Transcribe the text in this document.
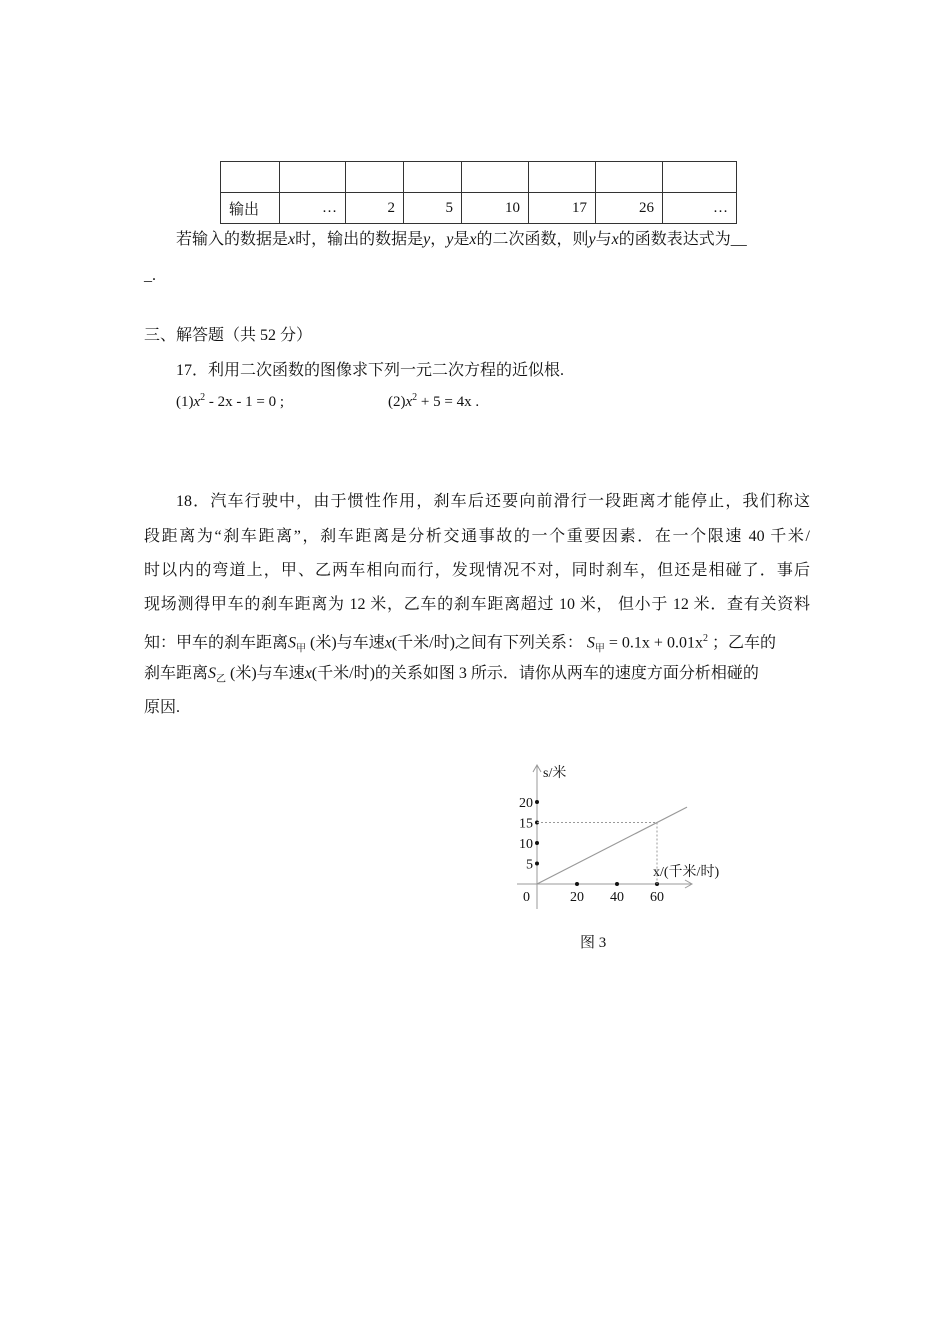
输出	…	2	5	10	17	26	…
若输入的数据是x时，输出的数据是y，y是x的二次函数，则y与x的函数表达式为__
_.
三、解答题（共 52 分）
17．利用二次函数的图像求下列一元二次方程的近似根.
$(1)x^2 - 2x - 1 = 0$ ;	$(2)x^2 + 5 = 4x$ .
18．汽车行驶中，由于惯性作用，刹车后还要向前滑行一段距离才能停止，我们称这
段距离为“刹车距离”，刹车距离是分析交通事故的一个重要因素．在一个限速 40 千米/
时以内的弯道上，甲、乙两车相向而行，发现情况不对，同时刹车，但还是相碰了．事后
现场测得甲车的刹车距离为 12 米，乙车的刹车距离超过 10 米， 但小于 12 米．查有关资料
知：甲车的刹车距离$S_甲$ (米)与车速x(千米/时)之间有下列关系： $S_甲 = 0.1x + 0.01x^2$ ；乙车的
刹车距离$S_乙$ (米)与车速x(千米/时)的关系如图 3 所示．请你从两车的速度方面分析相碰的
原因.
s/米
x/(千米/时)
0	20 40 60
5
10
15
20
图 3
